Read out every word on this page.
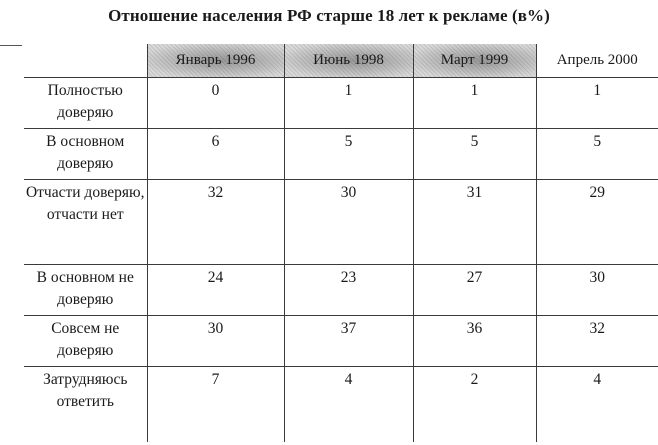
Отношение населения РФ старше 18 лет к рекламе (в%)
	Январь 1996	Июнь 1998	Март 1999	Апрель 2000
Полностью доверяю	0	1	1	1
В основном доверяю	6	5	5	5
Отчасти доверяю, отчасти нет	32	30	31	29
В основном не доверяю	24	23	27	30
Совсем не доверяю	30	37	36	32
Затрудняюсь ответить	7	4	2	4
